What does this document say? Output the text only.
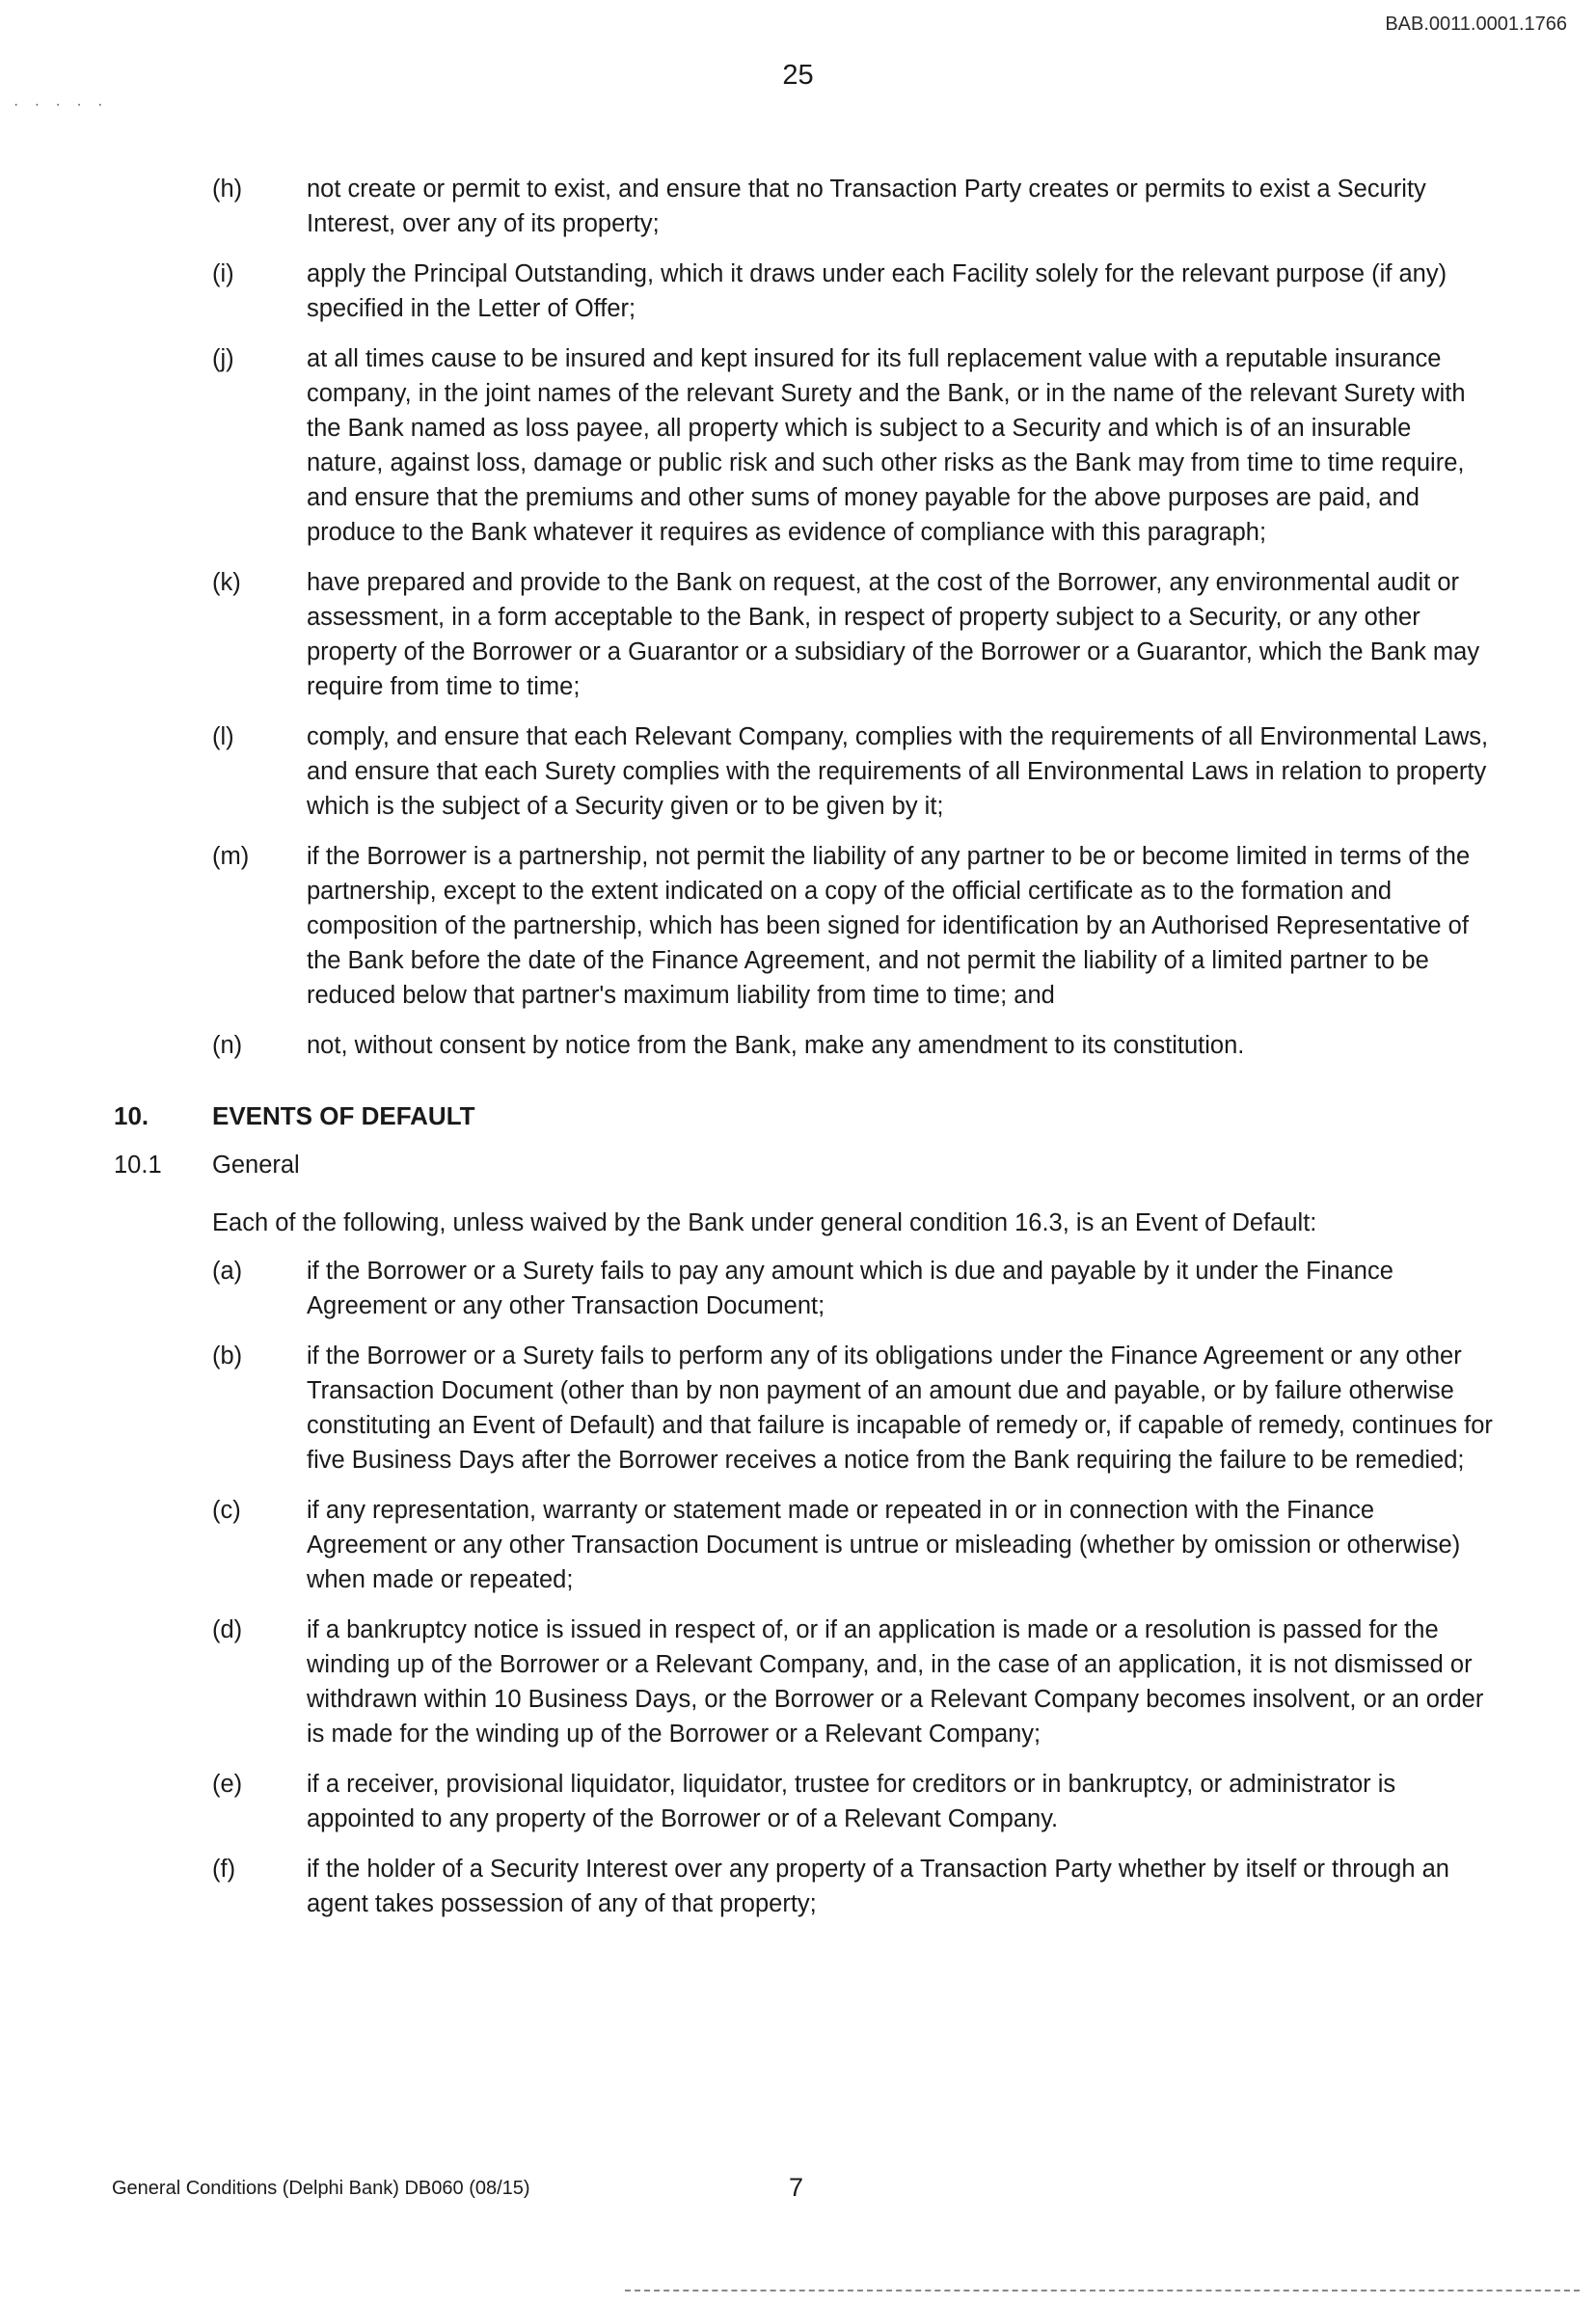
BAB.0011.0001.1766
25
· · · · ·
(h)	not create or permit to exist, and ensure that no Transaction Party creates or permits to exist a Security Interest, over any of its property;
(i)	apply the Principal Outstanding, which it draws under each Facility solely for the relevant purpose (if any) specified in the Letter of Offer;
(j)	at all times cause to be insured and kept insured for its full replacement value with a reputable insurance company, in the joint names of the relevant Surety and the Bank, or in the name of the relevant Surety with the Bank named as loss payee, all property which is subject to a Security and which is of an insurable nature, against loss, damage or public risk and such other risks as the Bank may from time to time require, and ensure that the premiums and other sums of money payable for the above purposes are paid, and produce to the Bank whatever it requires as evidence of compliance with this paragraph;
(k)	have prepared and provide to the Bank on request, at the cost of the Borrower, any environmental audit or assessment, in a form acceptable to the Bank, in respect of property subject to a Security, or any other property of the Borrower or a Guarantor or a subsidiary of the Borrower or a Guarantor, which the Bank may require from time to time;
(l)	comply, and ensure that each Relevant Company, complies with the requirements of all Environmental Laws, and ensure that each Surety complies with the requirements of all Environmental Laws in relation to property which is the subject of a Security given or to be given by it;
(m) if the Borrower is a partnership, not permit the liability of any partner to be or become limited in terms of the partnership, except to the extent indicated on a copy of the official certificate as to the formation and composition of the partnership, which has been signed for identification by an Authorised Representative of the Bank before the date of the Finance Agreement, and not permit the liability of a limited partner to be reduced below that partner's maximum liability from time to time; and
(n)	not, without consent by notice from the Bank, make any amendment to its constitution.
10.	EVENTS OF DEFAULT
10.1 General
Each of the following, unless waived by the Bank under general condition 16.3, is an Event of Default:
(a)	if the Borrower or a Surety fails to pay any amount which is due and payable by it under the Finance Agreement or any other Transaction Document;
(b)	if the Borrower or a Surety fails to perform any of its obligations under the Finance Agreement or any other Transaction Document (other than by non payment of an amount due and payable, or by failure otherwise constituting an Event of Default) and that failure is incapable of remedy or, if capable of remedy, continues for five Business Days after the Borrower receives a notice from the Bank requiring the failure to be remedied;
(c)	if any representation, warranty or statement made or repeated in or in connection with the Finance Agreement or any other Transaction Document is untrue or misleading (whether by omission or otherwise) when made or repeated;
(d)	if a bankruptcy notice is issued in respect of, or if an application is made or a resolution is passed for the winding up of the Borrower or a Relevant Company, and, in the case of an application, it is not dismissed or withdrawn within 10 Business Days, or the Borrower or a Relevant Company becomes insolvent, or an order is made for the winding up of the Borrower or a Relevant Company;
(e)	if a receiver, provisional liquidator, liquidator, trustee for creditors or in bankruptcy, or administrator is appointed to any property of the Borrower or of a Relevant Company.
(f)	if the holder of a Security Interest over any property of a Transaction Party whether by itself or through an agent takes possession of any of that property;
General Conditions (Delphi Bank) DB060 (08/15)	7
